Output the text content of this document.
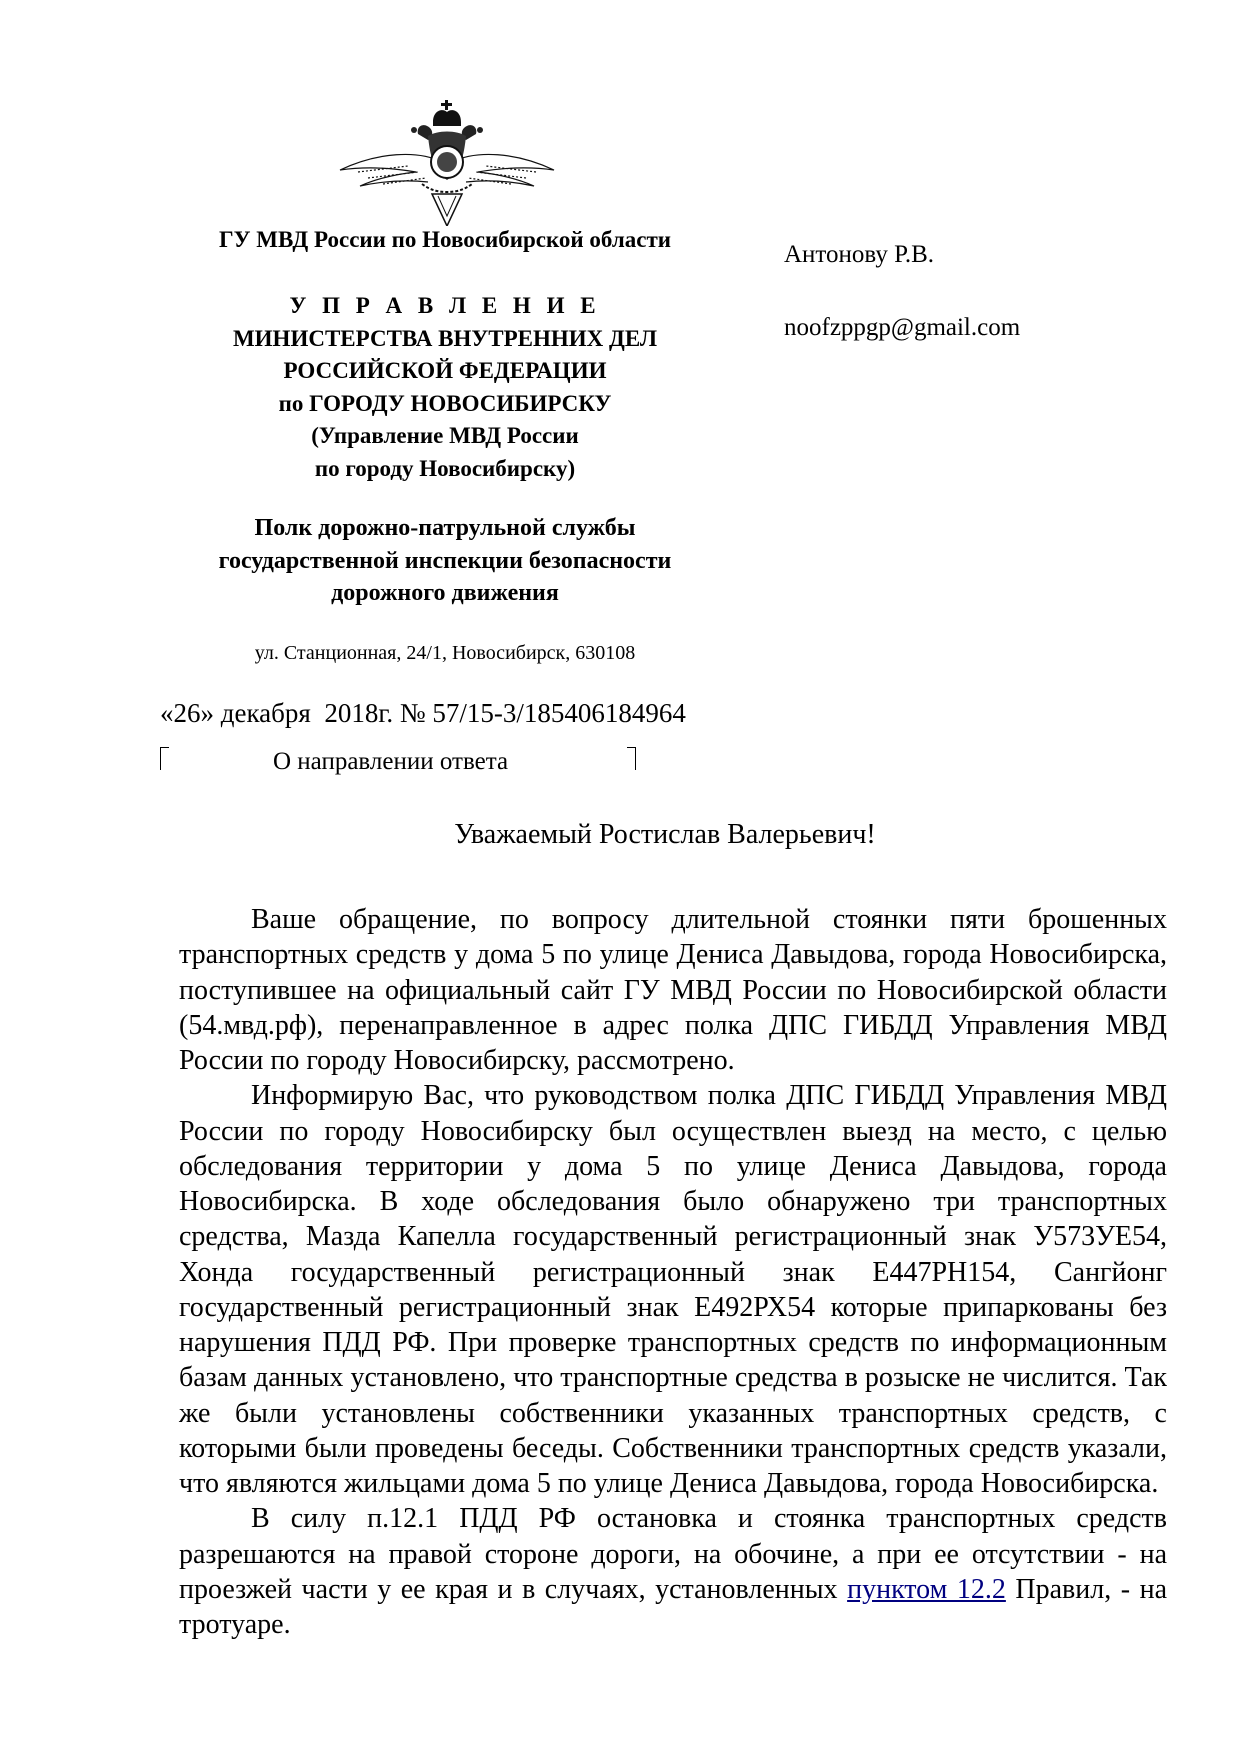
ГУ МВД России по Новосибирской области
У П Р А В Л Е Н И Е
МИНИСТЕРСТВА ВНУТРЕННИХ ДЕЛ
РОССИЙСКОЙ ФЕДЕРАЦИИ
по ГОРОДУ НОВОСИБИРСКУ
(Управление МВД России
по городу Новосибирску)
Полк дорожно-патрульной службы
государственной инспекции безопасности
дорожного движения
ул. Станционная, 24/1, Новосибирск, 630108
Антонову Р.В.
noofzppgp@gmail.com
«26» декабря  2018г. № 57/15-3/185406184964
О направлении ответа
Уважаемый Ростислав Валерьевич!

Ваше обращение, по вопросу длительной стоянки пяти брошенных транспортных средств у дома 5 по улице Дениса Давыдова, города Новосибирска, поступившее на официальный сайт ГУ МВД России по Новосибирской области (54.мвд.рф), перенаправленное в адрес полка ДПС ГИБДД Управления МВД России по городу Новосибирску, рассмотрено.

Информирую Вас, что руководством полка ДПС ГИБДД Управления МВД России по городу Новосибирску был осуществлен выезд на место, с целью обследования территории у дома 5 по улице Дениса Давыдова, города Новосибирска. В ходе обследования было обнаружено три транспортных средства, Мазда Капелла государственный регистрационный знак У573УЕ54, Хонда государственный регистрационный знак Е447РН154, Сангйонг государственный регистрационный знак Е492РХ54 которые припаркованы без нарушения ПДД РФ. При проверке транспортных средств по информационным базам данных установлено, что транспортные средства в розыске не числится. Так же были установлены собственники указанных транспортных средств, с которыми были проведены беседы. Собственники транспортных средств указали, что являются жильцами дома 5 по улице Дениса Давыдова, города Новосибирска.

В силу п.12.1 ПДД РФ остановка и стоянка транспортных средств разрешаются на правой стороне дороги, на обочине, а при ее отсутствии - на проезжей части у ее края и в случаях, установленных пунктом 12.2 Правил, - на тротуаре.
